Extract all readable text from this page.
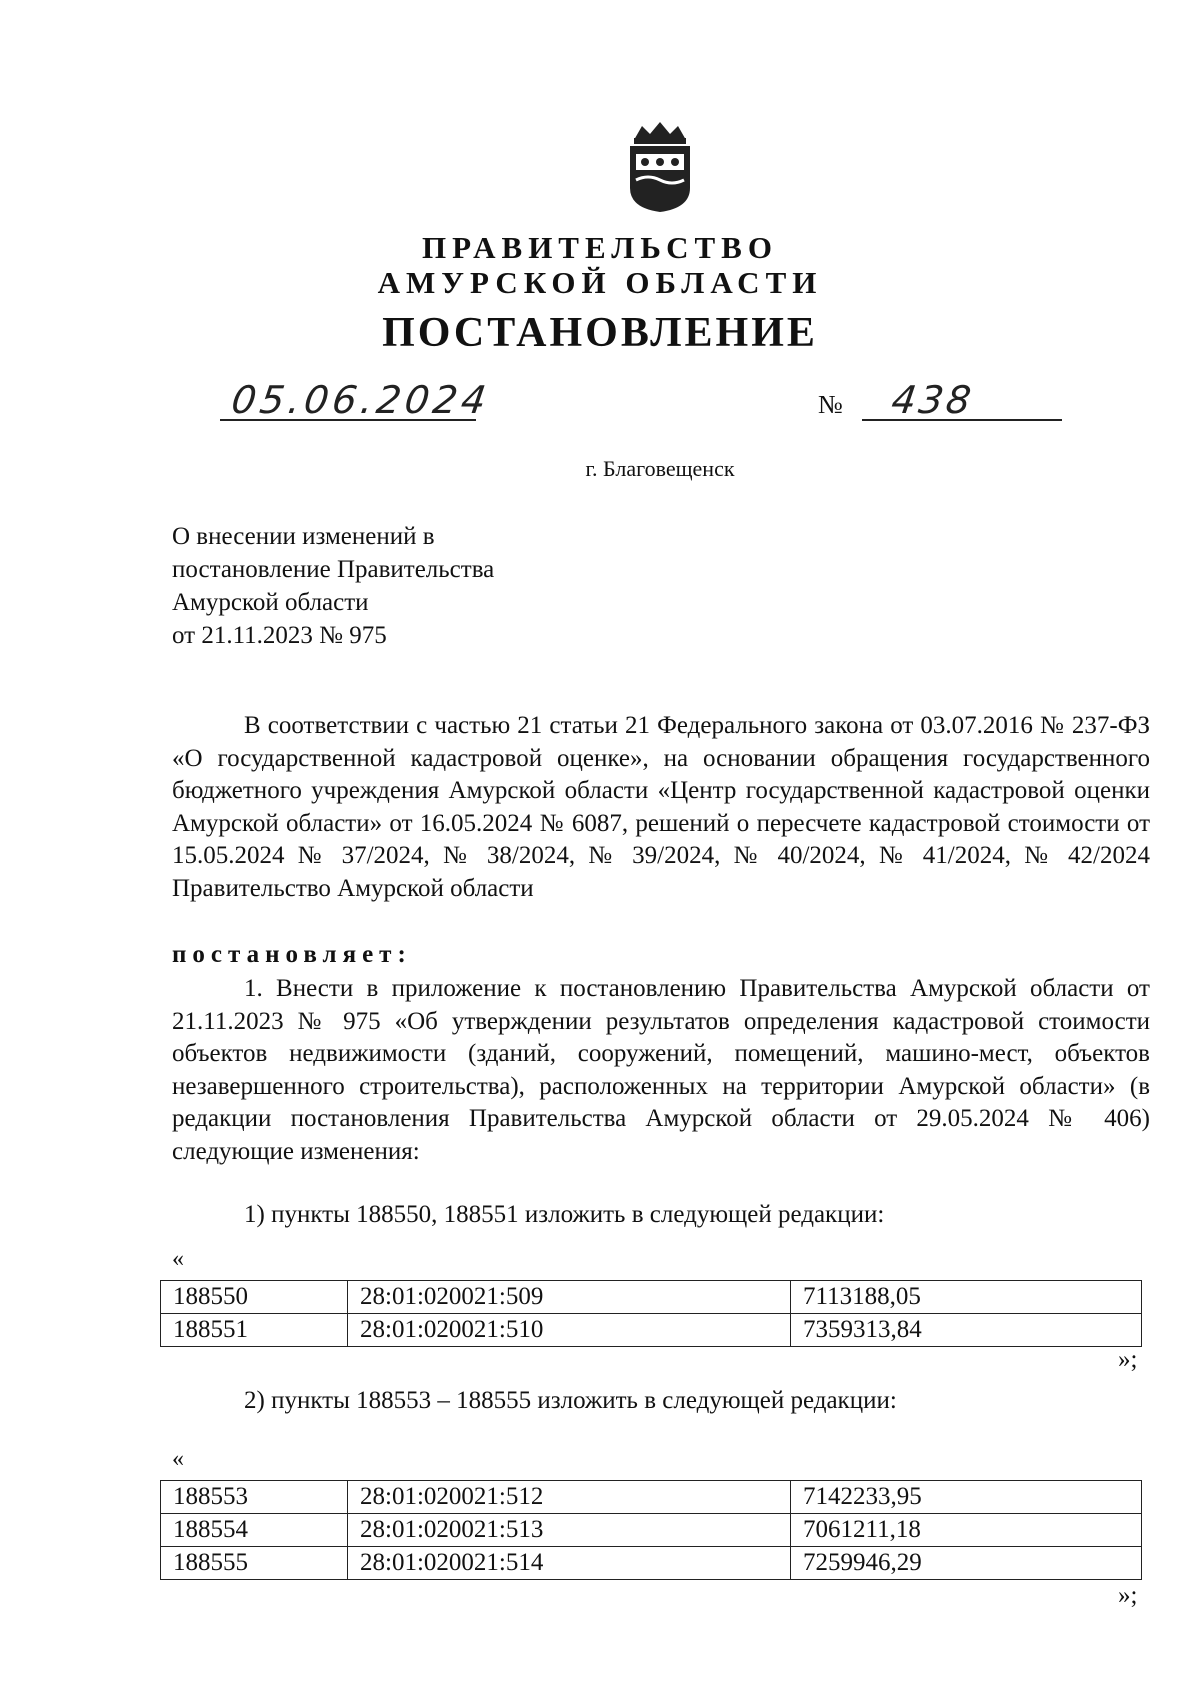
ПРАВИТЕЛЬСТВО
АМУРСКОЙ ОБЛАСТИ
ПОСТАНОВЛЕНИЕ
05.06.2024	№ 438
г. Благовещенск
О внесении изменений в
постановление Правительства
Амурской области
от 21.11.2023 № 975

В соответствии с частью 21 статьи 21 Федерального закона от 03.07.2016 № 237-ФЗ «О государственной кадастровой оценке», на основании обращения государственного бюджетного учреждения Амурской области «Центр государственной кадастровой оценки Амурской области» от 16.05.2024 № 6087, решений о пересчете кадастровой стоимости от 15.05.2024 № 37/2024, № 38/2024, № 39/2024, № 40/2024, № 41/2024, № 42/2024 Правительство Амурской области

постановляет:

1. Внести в приложение к постановлению Правительства Амурской области от 21.11.2023 № 975 «Об утверждении результатов определения кадастровой стоимости объектов недвижимости (зданий, сооружений, помещений, машино-мест, объектов незавершенного строительства), расположенных на территории Амурской области» (в редакции постановления Правительства Амурской области от 29.05.2024 № 406) следующие изменения:

1) пункты 188550, 188551 изложить в следующей редакции:
«
188550	28:01:020021:509	7113188,05
188551	28:01:020021:510	7359313,84
»;
2) пункты 188553 – 188555 изложить в следующей редакции:
«
188553	28:01:020021:512	7142233,95
188554	28:01:020021:513	7061211,18
188555	28:01:020021:514	7259946,29
»;
